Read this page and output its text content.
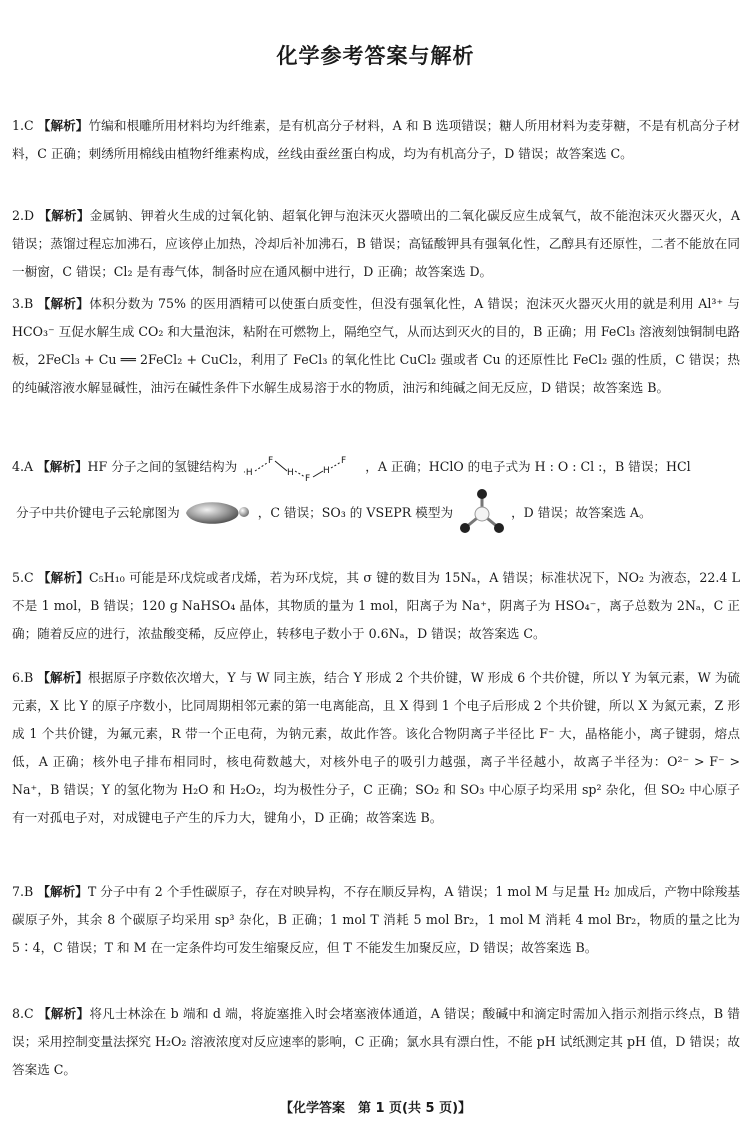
化学参考答案与解析
1.C 【解析】竹编和根雕所用材料均为纤维素，是有机高分子材料，A 和 B 选项错误；糖人所用材料为麦芽糖，不是有机高分子材料，C 正确；刺绣所用棉线由植物纤维素构成，丝线由蚕丝蛋白构成，均为有机高分子，D 错误；故答案选 C。
2.D 【解析】金属钠、钾着火生成的过氧化钠、超氧化钾与泡沫灭火器喷出的二氧化碳反应生成氧气，故不能泡沫灭火器灭火，A 错误；蒸馏过程忘加沸石，应该停止加热，冷却后补加沸石，B 错误；高锰酸钾具有强氧化性，乙醇具有还原性，二者不能放在同一橱窗，C 错误；Cl₂ 是有毒气体，制备时应在通风橱中进行，D 正确；故答案选 D。
3.B 【解析】体积分数为 75% 的医用酒精可以使蛋白质变性，但没有强氧化性，A 错误；泡沫灭火器灭火用的就是利用 Al³⁺ 与 HCO₃⁻ 互促水解生成 CO₂ 和大量泡沫，粘附在可燃物上，隔绝空气，从而达到灭火的目的，B 正确；用 FeCl₃ 溶液刻蚀铜制电路板，2FeCl₃ + Cu ══ 2FeCl₂ + CuCl₂，利用了 FeCl₃ 的氧化性比 CuCl₂ 强或者 Cu 的还原性比 FeCl₂ 强的性质，C 错误；热的纯碱溶液水解显碱性，油污在碱性条件下水解生成易溶于水的物质，油污和纯碱之间无反应，D 错误；故答案选 B。
4.A 【解析】HF 分子之间的氢键结构为 ·H
F
H
F
H
F ，A 正确；HClO 的电子式为 H : O : Cl :，B 错误；HCl
分子中共价键电子云轮廓图为	，C 错误；SO₃ 的 VSEPR 模型为	，D 错误；故答案选 A。
5.C 【解析】C₅H₁₀ 可能是环戊烷或者戊烯，若为环戊烷，其 σ 键的数目为 15Nₐ，A 错误；标准状况下，NO₂ 为液态，22.4 L 不是 1 mol，B 错误；120 g NaHSO₄ 晶体，其物质的量为 1 mol，阳离子为 Na⁺，阴离子为 HSO₄⁻，离子总数为 2Nₐ，C 正确；随着反应的进行，浓盐酸变稀，反应停止，转移电子数小于 0.6Nₐ，D 错误；故答案选 C。
6.B 【解析】根据原子序数依次增大，Y 与 W 同主族，结合 Y 形成 2 个共价键，W 形成 6 个共价键，所以 Y 为氧元素，W 为硫元素，X 比 Y 的原子序数小，比同周期相邻元素的第一电离能高，且 X 得到 1 个电子后形成 2 个共价键，所以 X 为氮元素，Z 形成 1 个共价键，为氟元素，R 带一个正电荷，为钠元素，故此作答。该化合物阴离子半径比 F⁻ 大，晶格能小，离子键弱，熔点低，A 正确；核外电子排布相同时，核电荷数越大，对核外电子的吸引力越强，离子半径越小，故离子半径为：O²⁻ > F⁻ > Na⁺，B 错误；Y 的氢化物为 H₂O 和 H₂O₂，均为极性分子，C 正确；SO₂ 和 SO₃ 中心原子均采用 sp² 杂化，但 SO₂ 中心原子有一对孤电子对，对成键电子产生的斥力大，键角小，D 正确；故答案选 B。
7.B 【解析】T 分子中有 2 个手性碳原子，存在对映异构，不存在顺反异构，A 错误；1 mol M 与足量 H₂ 加成后，产物中除羧基碳原子外，其余 8 个碳原子均采用 sp³ 杂化，B 正确；1 mol T 消耗 5 mol Br₂，1 mol M 消耗 4 mol Br₂，物质的量之比为 5∶4，C 错误；T 和 M 在一定条件均可发生缩聚反应，但 T 不能发生加聚反应，D 错误；故答案选 B。
8.C 【解析】将凡士林涂在 b 端和 d 端，将旋塞推入时会堵塞液体通道，A 错误；酸碱中和滴定时需加入指示剂指示终点，B 错误；采用控制变量法探究 H₂O₂ 溶液浓度对反应速率的影响，C 正确；氯水具有漂白性，不能 pH 试纸测定其 pH 值，D 错误；故答案选 C。
【化学答案　第 1 页(共 5 页)】
